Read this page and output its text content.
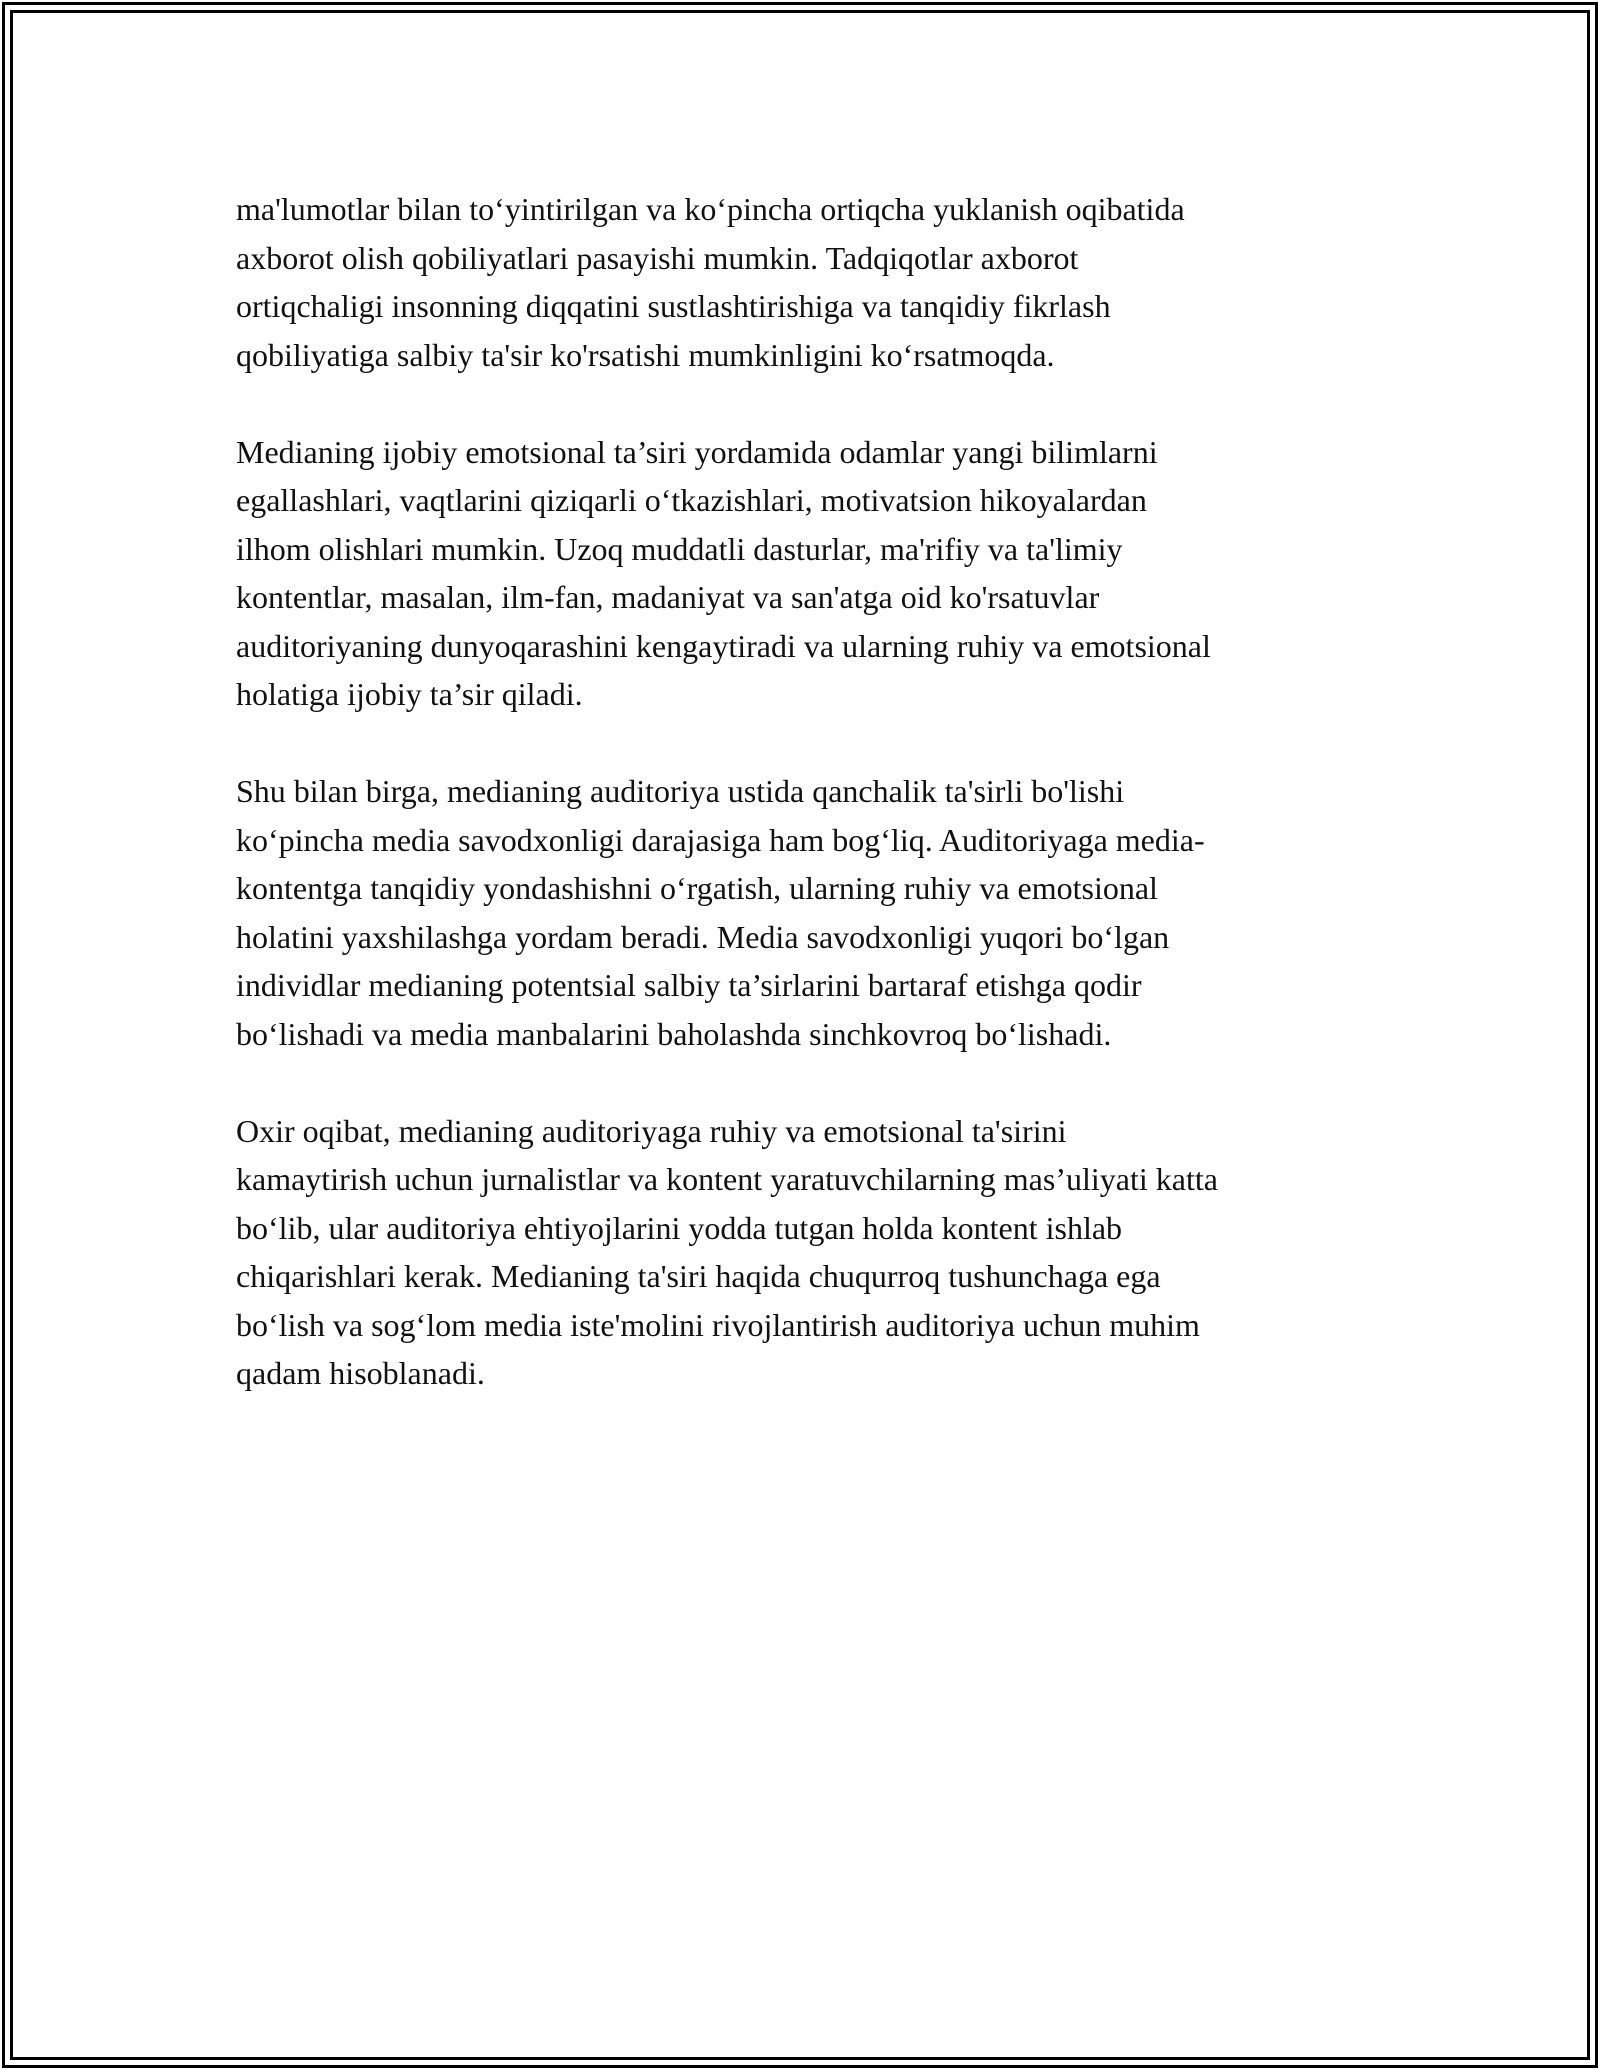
ma'lumotlar bilan to‘yintirilgan va ko‘pincha ortiqcha yuklanish oqibatida
axborot olish qobiliyatlari pasayishi mumkin. Tadqiqotlar axborot
ortiqchaligi insonning diqqatini sustlashtirishiga va tanqidiy fikrlash
qobiliyatiga salbiy ta'sir ko'rsatishi mumkinligini ko‘rsatmoqda.

Medianing ijobiy emotsional ta’siri yordamida odamlar yangi bilimlarni
egallashlari, vaqtlarini qiziqarli o‘tkazishlari, motivatsion hikoyalardan
ilhom olishlari mumkin. Uzoq muddatli dasturlar, ma'rifiy va ta'limiy
kontentlar, masalan, ilm-fan, madaniyat va san'atga oid ko'rsatuvlar
auditoriyaning dunyoqarashini kengaytiradi va ularning ruhiy va emotsional
holatiga ijobiy ta’sir qiladi.

Shu bilan birga, medianing auditoriya ustida qanchalik ta'sirli bo'lishi
ko‘pincha media savodxonligi darajasiga ham bog‘liq. Auditoriyaga media-
kontentga tanqidiy yondashishni o‘rgatish, ularning ruhiy va emotsional
holatini yaxshilashga yordam beradi. Media savodxonligi yuqori bo‘lgan
individlar medianing potentsial salbiy ta’sirlarini bartaraf etishga qodir
bo‘lishadi va media manbalarini baholashda sinchkovroq bo‘lishadi.

Oxir oqibat, medianing auditoriyaga ruhiy va emotsional ta'sirini
kamaytirish uchun jurnalistlar va kontent yaratuvchilarning mas’uliyati katta
bo‘lib, ular auditoriya ehtiyojlarini yodda tutgan holda kontent ishlab
chiqarishlari kerak. Medianing ta'siri haqida chuqurroq tushunchaga ega
bo‘lish va sog‘lom media iste'molini rivojlantirish auditoriya uchun muhim
qadam hisoblanadi.
